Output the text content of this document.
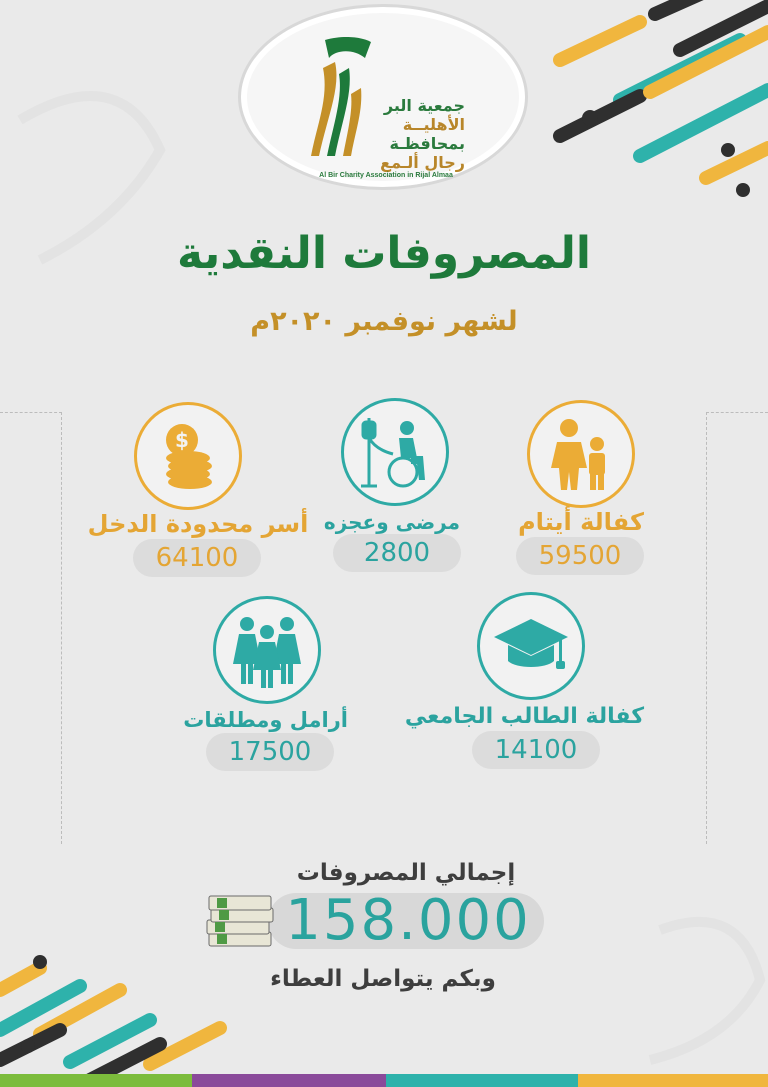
جمعية البر
الأهليــة
بمحافظـة
رجال ألـمع
Al Bir Charity Association in Rijal Almaa
المصروفات النقدية
لشهر نوفمبر ٢٠٢٠م
كفالة أيتام
59500
مرضى وعجزه
2800
$
أسر محدودة الدخل
64100
كفالة الطالب الجامعي
14100
أرامل ومطلقات
17500
إجمالي المصروفات
158.000
وبكم يتواصل العطاء
